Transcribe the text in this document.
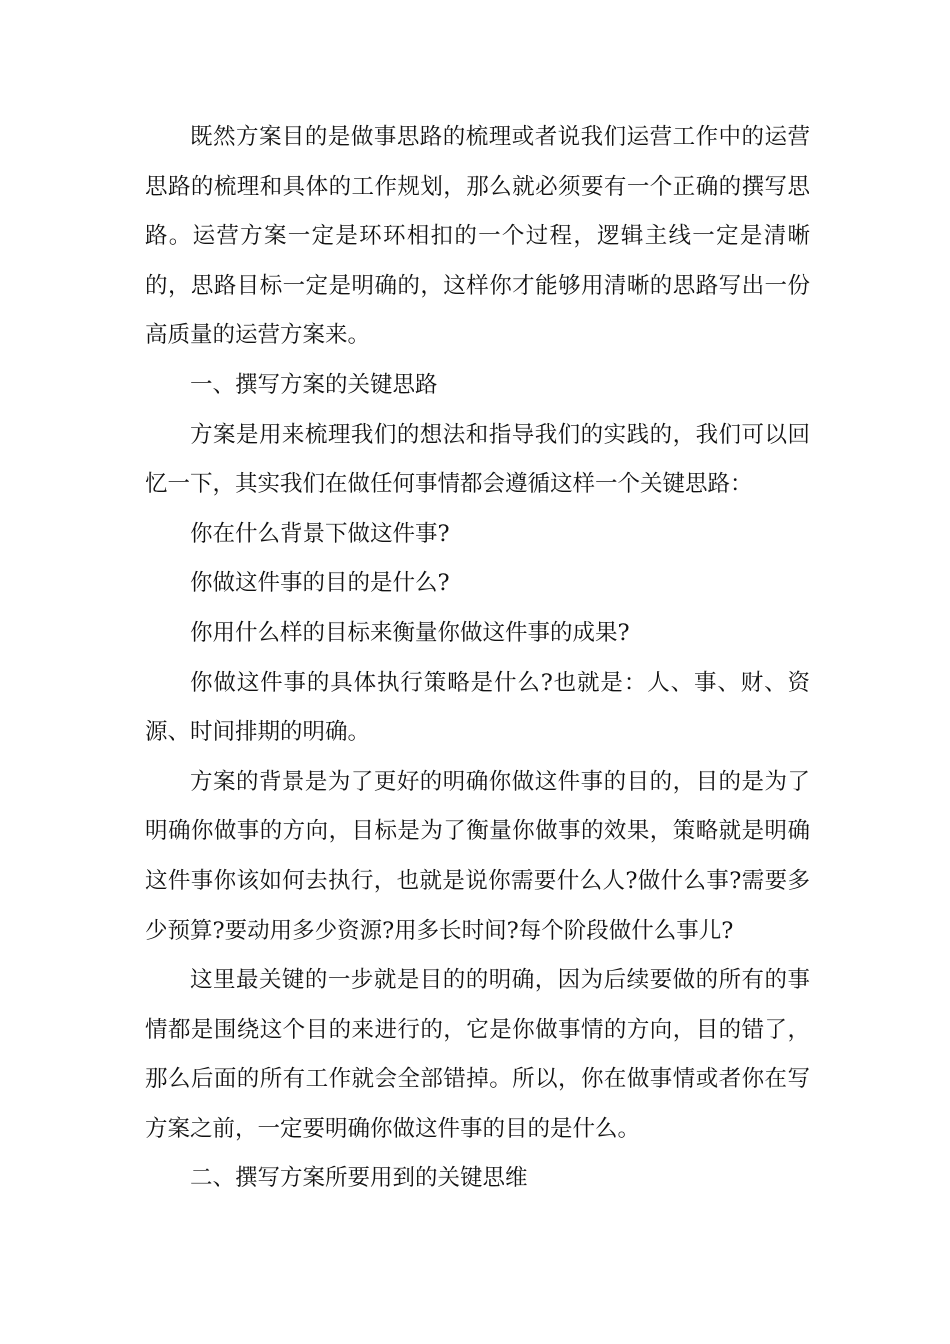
既然方案目的是做事思路的梳理或者说我们运营工作中的运营思路的梳理和具体的工作规划，那么就必须要有一个正确的撰写思路。运营方案一定是环环相扣的一个过程，逻辑主线一定是清晰的，思路目标一定是明确的，这样你才能够用清晰的思路写出一份高质量的运营方案来。

一、撰写方案的关键思路

方案是用来梳理我们的想法和指导我们的实践的，我们可以回忆一下，其实我们在做任何事情都会遵循这样一个关键思路：

你在什么背景下做这件事?

你做这件事的目的是什么?

你用什么样的目标来衡量你做这件事的成果?

你做这件事的具体执行策略是什么?也就是：人、事、财、资源、时间排期的明确。

方案的背景是为了更好的明确你做这件事的目的，目的是为了明确你做事的方向，目标是为了衡量你做事的效果，策略就是明确这件事你该如何去执行，也就是说你需要什么人?做什么事?需要多少预算?要动用多少资源?用多长时间?每个阶段做什么事儿?

这里最关键的一步就是目的的明确，因为后续要做的所有的事情都是围绕这个目的来进行的，它是你做事情的方向，目的错了，那么后面的所有工作就会全部错掉。所以，你在做事情或者你在写方案之前，一定要明确你做这件事的目的是什么。

二、撰写方案所要用到的关键思维
